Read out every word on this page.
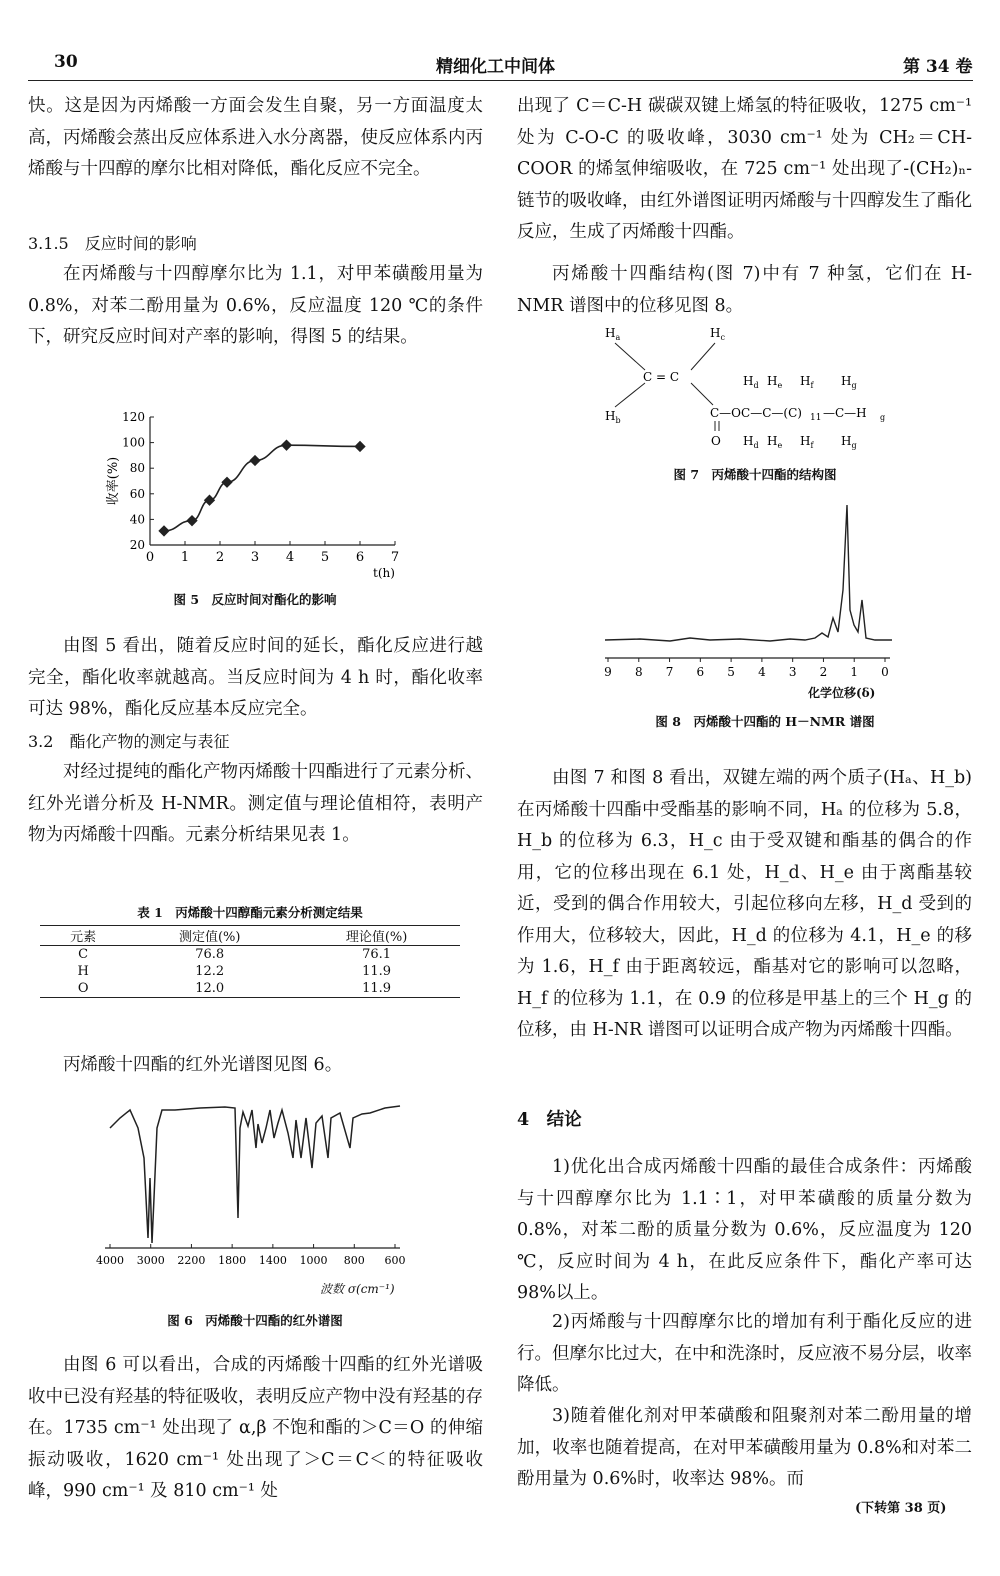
30	精细化工中间体	第 34 卷

快。这是因为丙烯酸一方面会发生自聚，另一方面温度太高，丙烯酸会蒸出反应体系进入水分离器，使反应体系内丙烯酸与十四醇的摩尔比相对降低，酯化反应不完全。

3.1.5　反应时间的影响

在丙烯酸与十四醇摩尔比为 1.1，对甲苯磺酸用量为 0.8%，对苯二酚用量为 0.6%，反应温度 120 ℃的条件下，研究反应时间对产率的影响，得图 5 的结果。

0 1 2 3 4 5 6 7
20
40
60
80
100
120
t(h)
收率(%)
图 5　反应时间对酯化的影响

由图 5 看出，随着反应时间的延长，酯化反应进行越完全，酯化收率就越高。当反应时间为 4 h 时，酯化收率可达 98%，酯化反应基本反应完全。

3.2　酯化产物的测定与表征

对经过提纯的酯化产物丙烯酸十四酯进行了元素分析、红外光谱分析及 H-NMR。测定值与理论值相符，表明产物为丙烯酸十四酯。元素分析结果见表 1。

表 1　丙烯酸十四醇酯元素分析测定结果
元素	测定值(%)	理论值(%)
C	76.8	76.1
H	12.2	11.9
O	12.0	11.9

丙烯酸十四酯的红外光谱图见图 6。

4000 3000 2200 1800 1400 1000 800 600
波数 σ(cm⁻¹)
图 6　丙烯酸十四酯的红外谱图

由图 6 可以看出，合成的丙烯酸十四酯的红外光谱吸收中已没有羟基的特征吸收，表明反应产物中没有羟基的存在。1735 cm⁻¹ 处出现了 α,β 不饱和酯的＞C＝O 的伸缩振动吸收，1620 cm⁻¹ 处出现了＞C＝C＜的特征吸收峰，990 cm⁻¹ 及 810 cm⁻¹ 处

出现了 C＝C-H 碳碳双键上烯氢的特征吸收，1275 cm⁻¹ 处为 C-O-C 的吸收峰，3030 cm⁻¹ 处为 CH₂＝CH-COOR 的烯氢伸缩吸收，在 725 cm⁻¹ 处出现了-(CH₂)ₙ-链节的吸收峰，由红外谱图证明丙烯酸与十四醇发生了酯化反应，生成了丙烯酸十四酯。

丙烯酸十四酯结构(图 7)中有 7 种氢，它们在 H-NMR 谱图中的位移见图 8。

$H_a$	$H_c$
$H_b$
C = C
C—OC—C—(C) 11 —C—H g
O
$H_d$ $H_e$ $H_f$ $H_g$
$H_d$ $H_e$ $H_f$ $H_g$
图 7　丙烯酸十四酯的结构图
9 8 7 6 5 4 3 2 1 0
化学位移(δ)
图 8　丙烯酸十四酯的 H－NMR 谱图

由图 7 和图 8 看出，双键左端的两个质子(Hₐ、H_b)在丙烯酸十四酯中受酯基的影响不同，Hₐ 的位移为 5.8，H_b 的位移为 6.3，H_c 由于受双键和酯基的偶合的作用，它的位移出现在 6.1 处，H_d、H_e 由于离酯基较近，受到的偶合作用较大，引起位移向左移，H_d 受到的作用大，位移较大，因此，H_d 的位移为 4.1，H_e 的移为 1.6，H_f 由于距离较远，酯基对它的影响可以忽略，H_f 的位移为 1.1，在 0.9 的位移是甲基上的三个 H_g 的位移，由 H-NR 谱图可以证明合成产物为丙烯酸十四酯。

4　结论

1)优化出合成丙烯酸十四酯的最佳合成条件：丙烯酸与十四醇摩尔比为 1.1∶1，对甲苯磺酸的质量分数为 0.8%，对苯二酚的质量分数为 0.6%，反应温度为 120 ℃，反应时间为 4 h，在此反应条件下，酯化产率可达 98%以上。

2)丙烯酸与十四醇摩尔比的增加有利于酯化反应的进行。但摩尔比过大，在中和洗涤时，反应液不易分层，收率降低。

3)随着催化剂对甲苯磺酸和阻聚剂对苯二酚用量的增加，收率也随着提高，在对甲苯磺酸用量为 0.8%和对苯二酚用量为 0.6%时，收率达 98%。而

(下转第 38 页)
